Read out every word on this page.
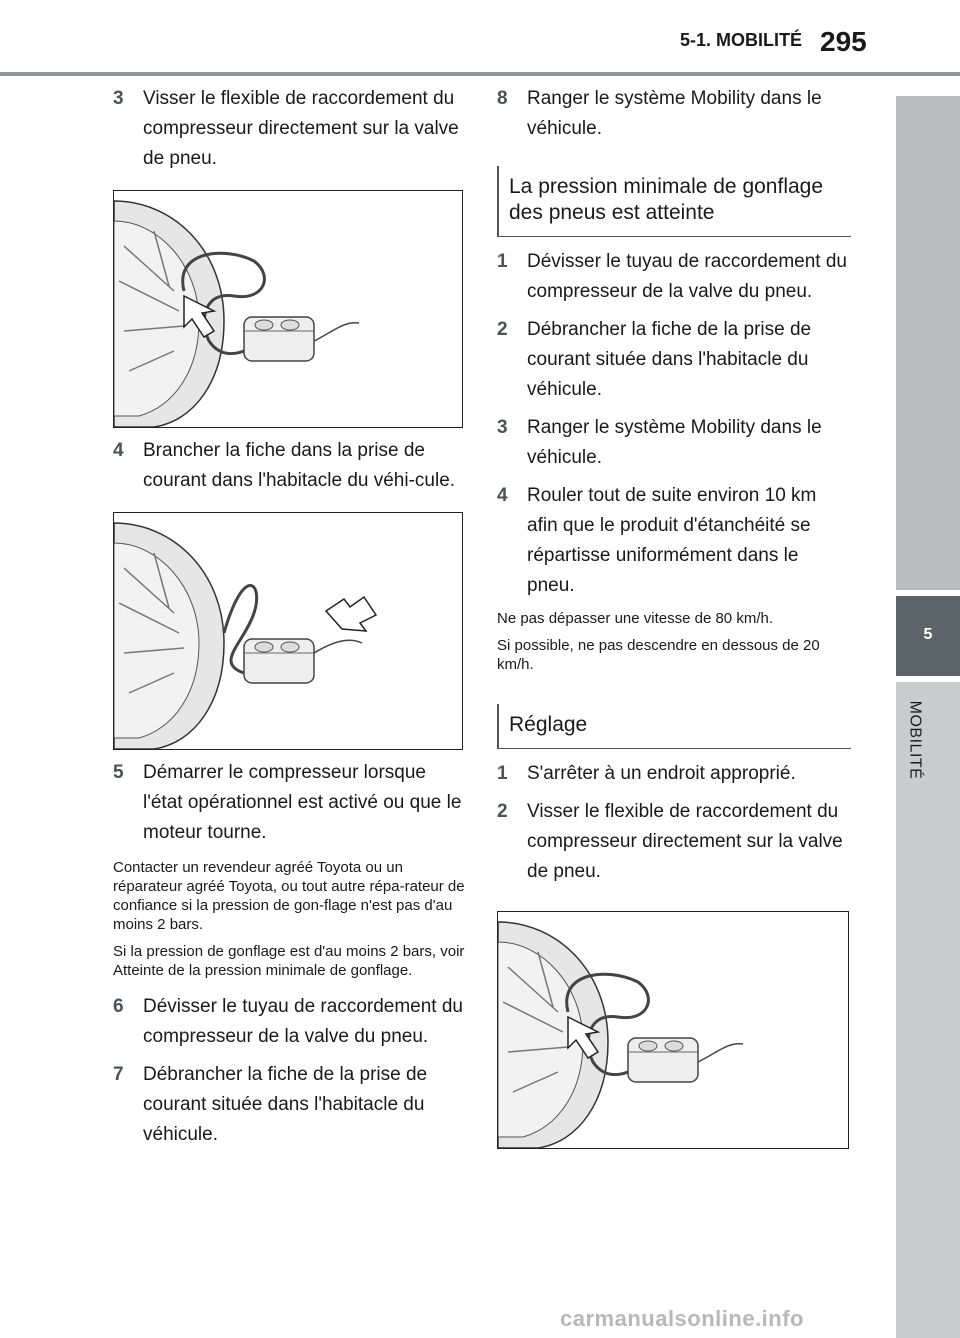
5-1. MOBILITÉ 295
5
MOBILITÉ
3 Visser le flexible de raccordement du compresseur directement sur la valve de pneu.
4 Brancher la fiche dans la prise de courant dans l'habitacle du véhi-cule.
5 Démarrer le compresseur lorsque l'état opérationnel est activé ou que le moteur tourne.

Contacter un revendeur agréé Toyota ou un réparateur agréé Toyota, ou tout autre répa-rateur de confiance si la pression de gon-flage n'est pas d'au moins 2 bars.

Si la pression de gonflage est d'au moins 2 bars, voir Atteinte de la pression minimale de gonflage.

6 Dévisser le tuyau de raccordement du compresseur de la valve du pneu.
7 Débrancher la fiche de la prise de courant située dans l'habitacle du véhicule.
8 Ranger le système Mobility dans le véhicule.
La pression minimale de gonflage des pneus est atteinte
1 Dévisser le tuyau de raccordement du compresseur de la valve du pneu.
2 Débrancher la fiche de la prise de courant située dans l'habitacle du véhicule.
3 Ranger le système Mobility dans le véhicule.
4 Rouler tout de suite environ 10 km afin que le produit d'étanchéité se répartisse uniformément dans le pneu.

Ne pas dépasser une vitesse de 80 km/h.

Si possible, ne pas descendre en dessous de 20 km/h.

Réglage
1 S'arrêter à un endroit approprié.
2 Visser le flexible de raccordement du compresseur directement sur la valve de pneu.
carmanualsonline.info
